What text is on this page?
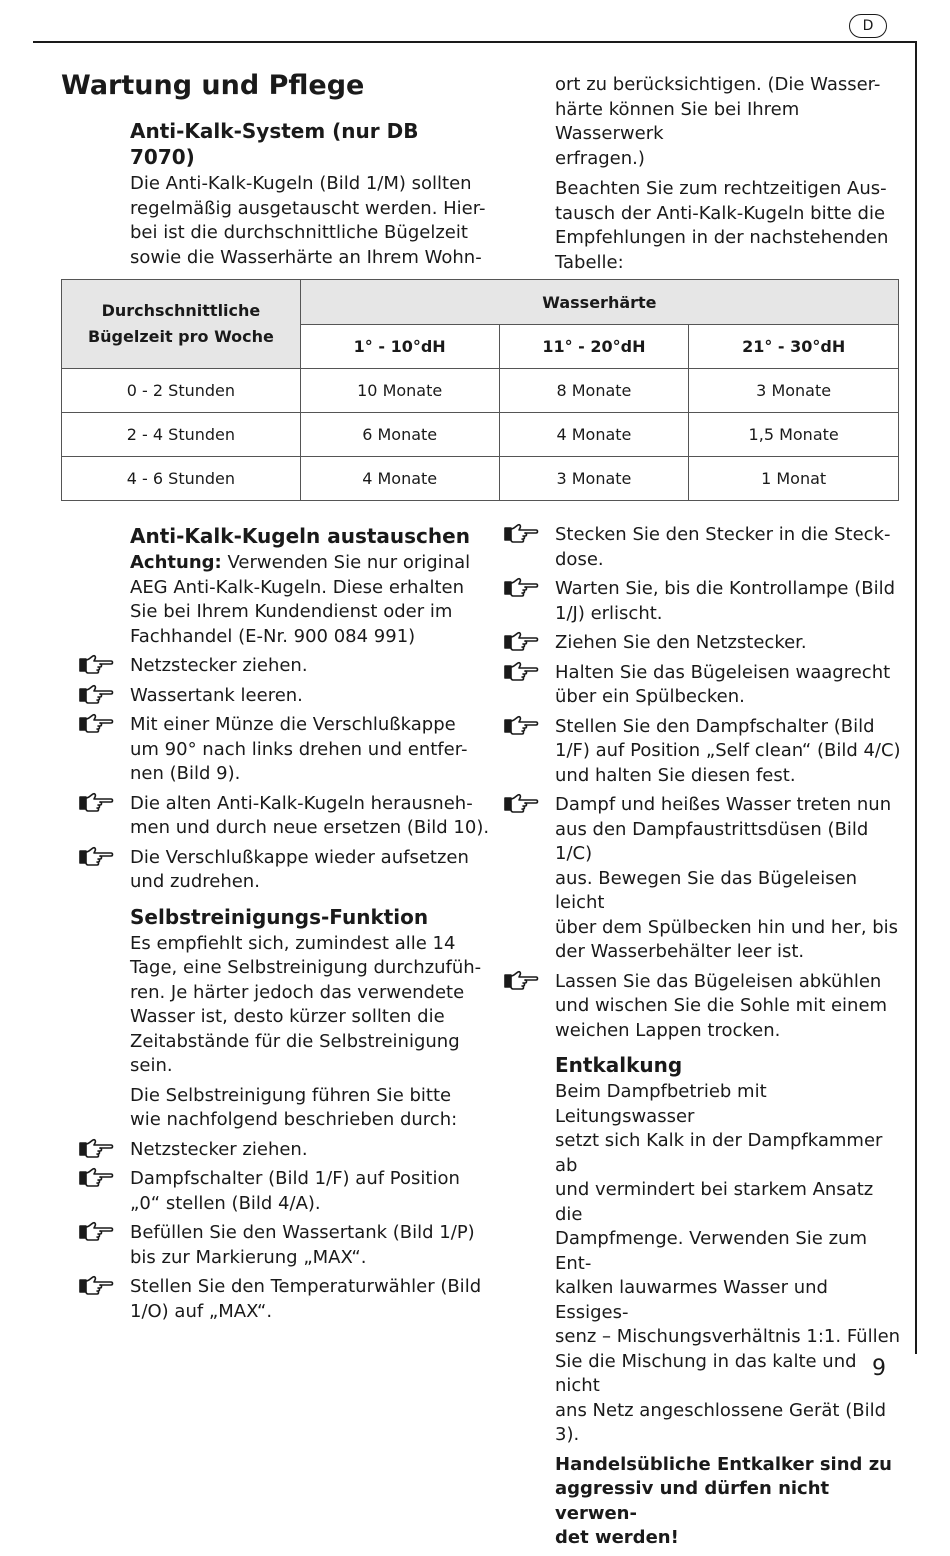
D
Wartung und Pflege
Anti-Kalk-System (nur DB 7070)
Die Anti-Kalk-Kugeln (Bild 1/M) sollten
regelmäßig ausgetauscht werden. Hier-
bei ist die durchschnittliche Bügelzeit
sowie die Wasserhärte an Ihrem Wohn-
ort zu berücksichtigen. (Die Wasser-
härte können Sie bei Ihrem Wasserwerk
erfragen.)
Beachten Sie zum rechtzeitigen Aus-
tausch der Anti-Kalk-Kugeln bitte die
Empfehlungen in der nachstehenden
Tabelle:
Durchschnittliche
Bügelzeit pro Woche	Wasserhärte		
	1° - 10°dH	11° - 20°dH	21° - 30°dH
0 - 2 Stunden	10 Monate	8 Monate	3 Monate
2 - 4 Stunden	6 Monate	4 Monate	1,5 Monate
4 - 6 Stunden	4 Monate	3 Monate	1 Monat
Anti-Kalk-Kugeln austauschen

Achtung: Verwenden Sie nur original
AEG Anti-Kalk-Kugeln. Diese erhalten
Sie bei Ihrem Kundendienst oder im
Fachhandel (E-Nr. 900 084 991)

Netzstecker ziehen.
Wassertank leeren.
Mit einer Münze die Verschlußkappe
um 90° nach links drehen und entfer-
nen (Bild 9).
Die alten Anti-Kalk-Kugeln herausneh-
men und durch neue ersetzen (Bild 10).
Die Verschlußkappe wieder aufsetzen
und zudrehen.
Selbstreinigungs-Funktion

Es empfiehlt sich, zumindest alle 14
Tage, eine Selbstreinigung durchzufüh-
ren. Je härter jedoch das verwendete
Wasser ist, desto kürzer sollten die
Zeitabstände für die Selbstreinigung
sein.

Die Selbstreinigung führen Sie bitte
wie nachfolgend beschrieben durch:

Netzstecker ziehen.
Dampfschalter (Bild 1/F) auf Position
„0“ stellen (Bild 4/A).
Befüllen Sie den Wassertank (Bild 1/P)
bis zur Markierung „MAX“.
Stellen Sie den Temperaturwähler (Bild
1/O) auf „MAX“.
Stecken Sie den Stecker in die Steck-
dose.
Warten Sie, bis die Kontrollampe (Bild
1/J) erlischt.
Ziehen Sie den Netzstecker.
Halten Sie das Bügeleisen waagrecht
über ein Spülbecken.
Stellen Sie den Dampfschalter (Bild
1/F) auf Position „Self clean“ (Bild 4/C)
und halten Sie diesen fest.
Dampf und heißes Wasser treten nun
aus den Dampfaustrittsdüsen (Bild 1/C)
aus. Bewegen Sie das Bügeleisen leicht
über dem Spülbecken hin und her, bis
der Wasserbehälter leer ist.
Lassen Sie das Bügeleisen abkühlen
und wischen Sie die Sohle mit einem
weichen Lappen trocken.
Entkalkung

Beim Dampfbetrieb mit Leitungswasser
setzt sich Kalk in der Dampfkammer ab
und vermindert bei starkem Ansatz die
Dampfmenge. Verwenden Sie zum Ent-
kalken lauwarmes Wasser und Essiges-
senz – Mischungsverhältnis 1:1. Füllen
Sie die Mischung in das kalte und nicht
ans Netz angeschlossene Gerät (Bild 3).

Handelsübliche Entkalker sind zu
aggressiv und dürfen nicht verwen-
det werden!

9
